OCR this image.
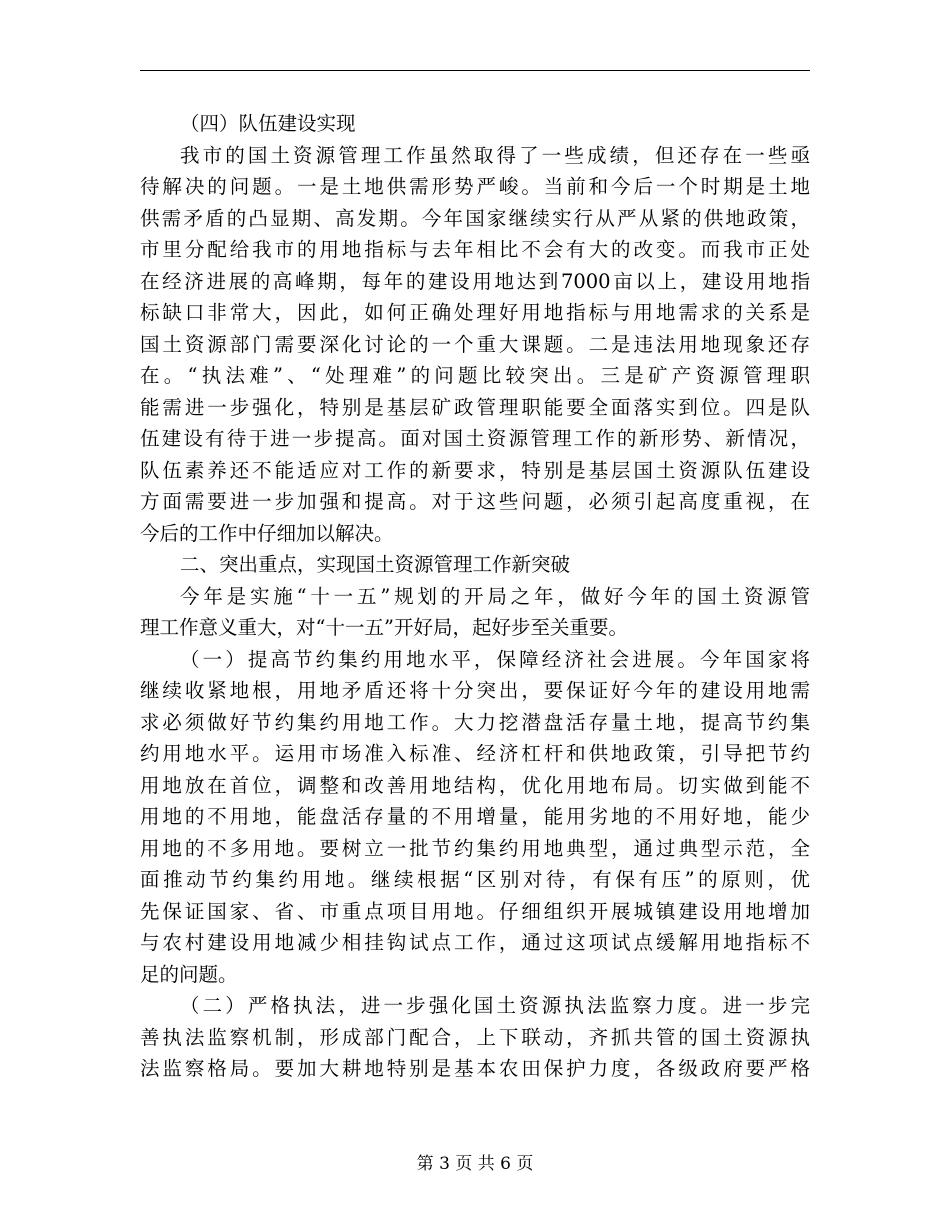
（四）队伍建设实现
我市的国土资源管理工作虽然取得了一些成绩，但还存在一些亟
待解决的问题。一是土地供需形势严峻。当前和今后一个时期是土地
供需矛盾的凸显期、高发期。今年国家继续实行从严从紧的供地政策，
市里分配给我市的用地指标与去年相比不会有大的改变。而我市正处
在经济进展的高峰期，每年的建设用地达到7000亩以上，建设用地指
标缺口非常大，因此，如何正确处理好用地指标与用地需求的关系是
国土资源部门需要深化讨论的一个重大课题。二是违法用地现象还存
在。“执法难”、“处理难”的问题比较突出。三是矿产资源管理职
能需进一步强化，特别是基层矿政管理职能要全面落实到位。四是队
伍建设有待于进一步提高。面对国土资源管理工作的新形势、新情况，
队伍素养还不能适应对工作的新要求，特别是基层国土资源队伍建设
方面需要进一步加强和提高。对于这些问题，必须引起高度重视，在
今后的工作中仔细加以解决。
二、突出重点，实现国土资源管理工作新突破
今年是实施“十一五”规划的开局之年，做好今年的国土资源管
理工作意义重大，对“十一五”开好局，起好步至关重要。
（一）提高节约集约用地水平，保障经济社会进展。今年国家将
继续收紧地根，用地矛盾还将十分突出，要保证好今年的建设用地需
求必须做好节约集约用地工作。大力挖潜盘活存量土地，提高节约集
约用地水平。运用市场准入标准、经济杠杆和供地政策，引导把节约
用地放在首位，调整和改善用地结构，优化用地布局。切实做到能不
用地的不用地，能盘活存量的不用增量，能用劣地的不用好地，能少
用地的不多用地。要树立一批节约集约用地典型，通过典型示范，全
面推动节约集约用地。继续根据“区别对待，有保有压”的原则，优
先保证国家、省、市重点项目用地。仔细组织开展城镇建设用地增加
与农村建设用地减少相挂钩试点工作，通过这项试点缓解用地指标不
足的问题。
（二）严格执法，进一步强化国土资源执法监察力度。进一步完
善执法监察机制，形成部门配合，上下联动，齐抓共管的国土资源执
法监察格局。要加大耕地特别是基本农田保护力度，各级政府要严格
第 3 页 共 6 页
